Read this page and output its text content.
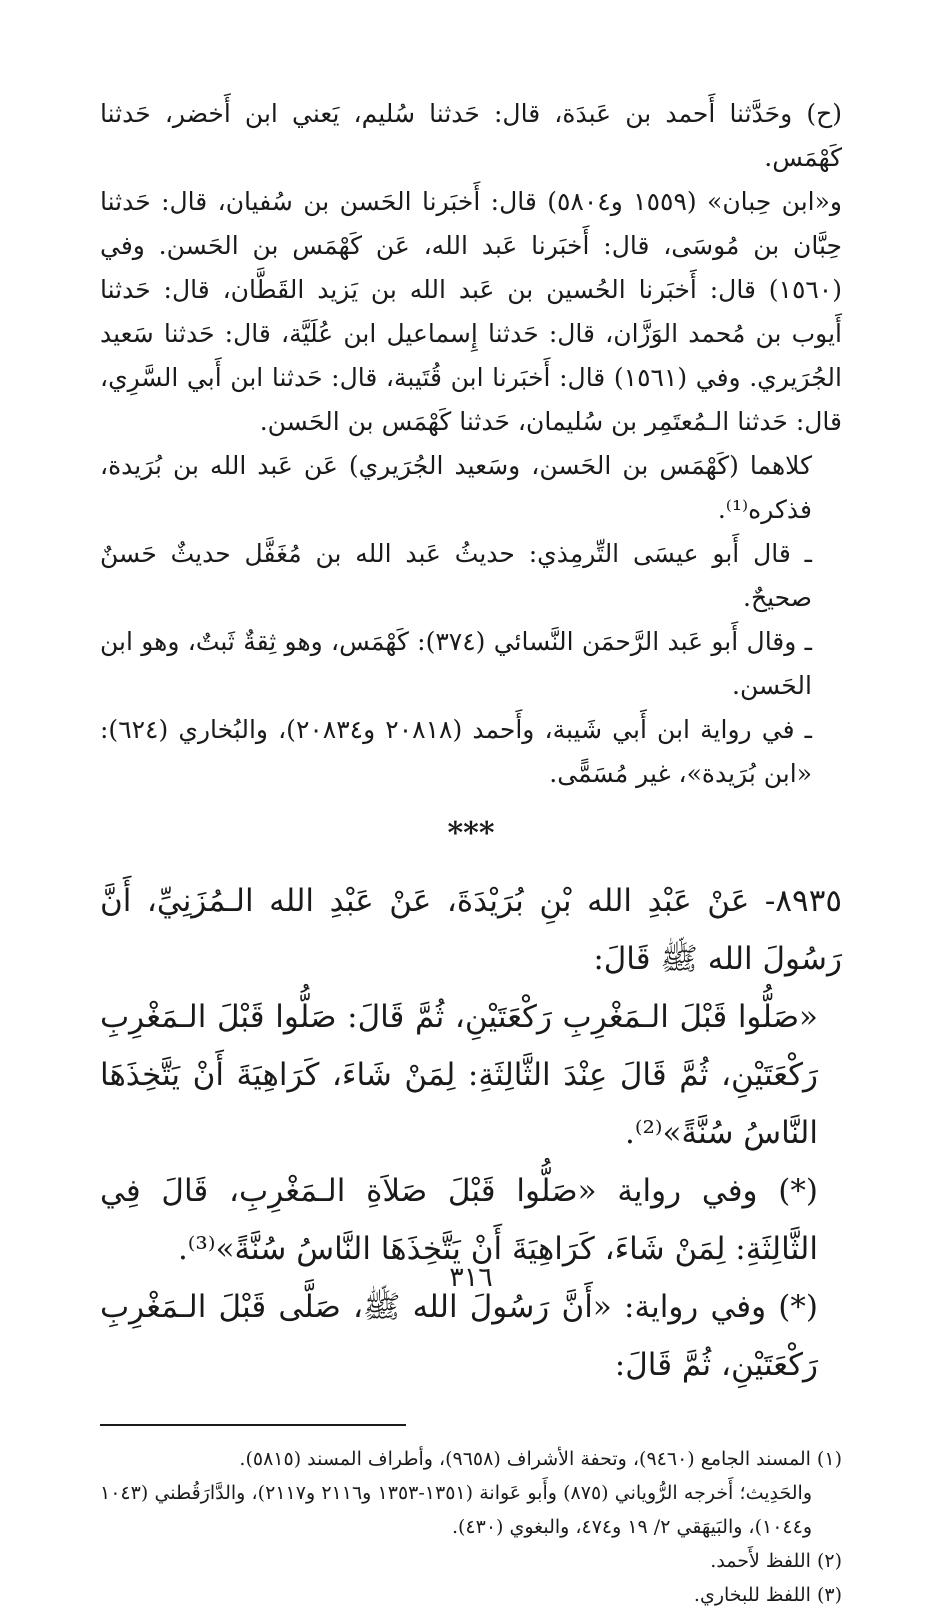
(ح) وحَدَّثنا أَحمد بن عَبدَة، قال: حَدثنا سُليم، يَعني ابن أَخضر، حَدثنا كَهْمَس.

و«ابن حِبان» (١٥٥٩ و٥٨٠٤) قال: أَخبَرنا الحَسن بن سُفيان، قال: حَدثنا حِبَّان بن مُوسَى، قال: أَخبَرنا عَبد الله، عَن كَهْمَس بن الحَسن. وفي (١٥٦٠) قال: أَخبَرنا الحُسين بن عَبد الله بن يَزيد القَطَّان، قال: حَدثنا أَيوب بن مُحمد الوَزَّان، قال: حَدثنا إِسماعيل ابن عُلَيَّة، قال: حَدثنا سَعيد الجُرَيري. وفي (١٥٦١) قال: أَخبَرنا ابن قُتَيبة، قال: حَدثنا ابن أَبي السَّرِي، قال: حَدثنا الـمُعتَمِر بن سُليمان، حَدثنا كَهْمَس بن الحَسن.

كلاهما (كَهْمَس بن الحَسن، وسَعيد الجُرَيري) عَن عَبد الله بن بُرَيدة، فذكره⁽¹⁾.

ـ قال أَبو عيسَى التِّرمِذي: حديثُ عَبد الله بن مُغَفَّل حديثٌ حَسنٌ صحيحٌ.

ـ وقال أَبو عَبد الرَّحمَن النَّسائي (٣٧٤): كَهْمَس، وهو ثِقةٌ ثَبتٌ، وهو ابن الحَسن.

ـ في رواية ابن أَبي شَيبة، وأَحمد (٢٠٨١٨ و٢٠٨٣٤)، والبُخاري (٦٢٤): «ابن بُرَيدة»، غير مُسَمًّى.

***

٨٩٣٥- عَنْ عَبْدِ الله بْنِ بُرَيْدَةَ، عَنْ عَبْدِ الله الـمُزَنِيِّ، أَنَّ رَسُولَ الله ﷺ قَالَ:

«صَلُّوا قَبْلَ الـمَغْرِبِ رَكْعَتَيْنِ، ثُمَّ قَالَ: صَلُّوا قَبْلَ الـمَغْرِبِ رَكْعَتَيْنِ، ثُمَّ قَالَ عِنْدَ الثَّالِثَةِ: لِمَنْ شَاءَ، كَرَاهِيَةَ أَنْ يَتَّخِذَهَا النَّاسُ سُنَّةً»⁽²⁾.

(*) وفي رواية «صَلُّوا قَبْلَ صَلاَةِ الـمَغْرِبِ، قَالَ فِي الثَّالِثَةِ: لِمَنْ شَاءَ، كَرَاهِيَةَ أَنْ يَتَّخِذَهَا النَّاسُ سُنَّةً»⁽³⁾.

(*) وفي رواية: «أَنَّ رَسُولَ الله ﷺ، صَلَّى قَبْلَ الـمَغْرِبِ رَكْعَتَيْنِ، ثُمَّ قَالَ:

(١) المسند الجامع (٩٤٦٠)، وتحفة الأشراف (٩٦٥٨)، وأطراف المسند (٥٨١٥).

والحَدِيث؛ أَخرجه الرُّوياني (٨٧٥) وأَبو عَوانة (١٣٥١-١٣٥٣ و٢١١٦ و٢١١٧)، والدَّارَقُطني (١٠٤٣ و١٠٤٤)، والبَيهَقي ٢/ ١٩ و٤٧٤، والبغوي (٤٣٠).

(٢) اللفظ لأَحمد.

(٣) اللفظ للبخاري.

٣١٦
